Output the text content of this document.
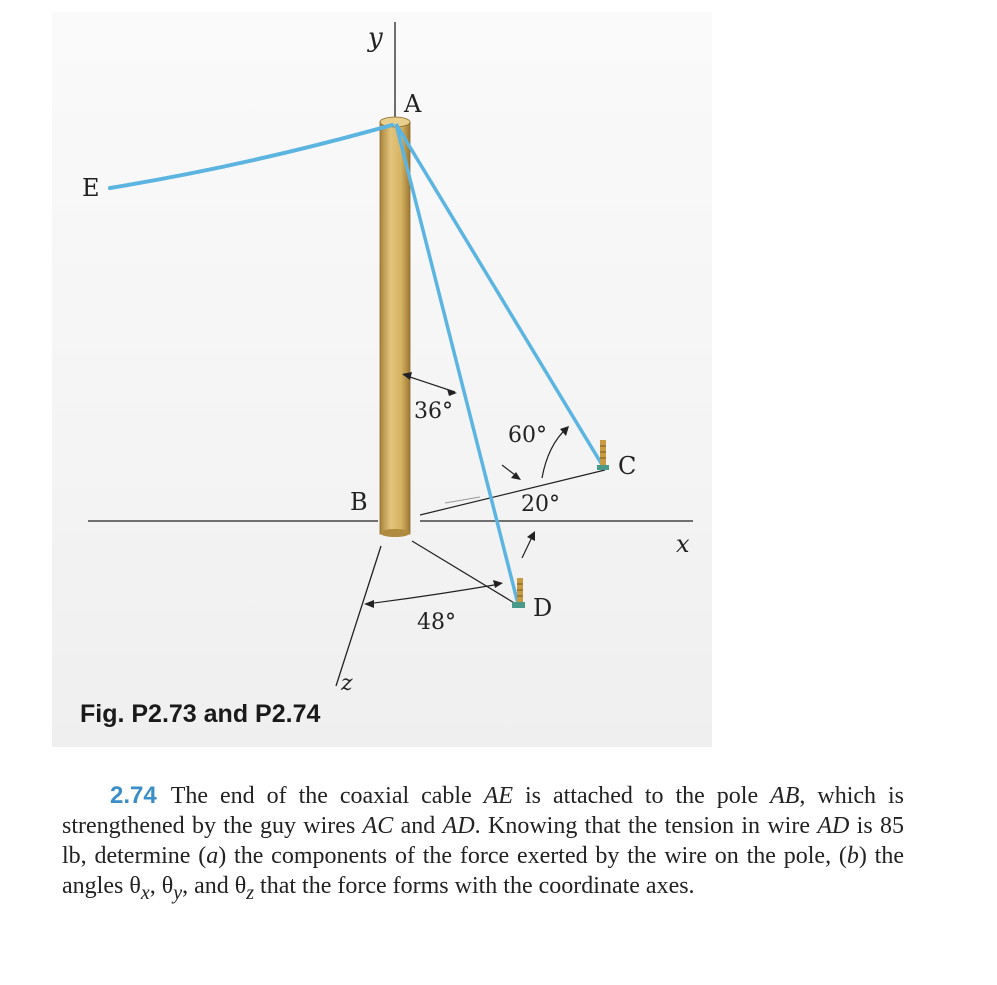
y
A
E
B
C
D
x
z
36°
60°
20°
48°
Fig. P2.73 and P2.74
2.74 The end of the coaxial cable AE is attached to the pole AB, which is strengthened by the guy wires AC and AD. Knowing that the tension in wire AD is 85 lb, determine (a) the components of the force exerted by the wire on the pole, (b) the angles $\theta_x$, $\theta_y$, and $\theta_z$ that the force forms with the coordinate axes.
